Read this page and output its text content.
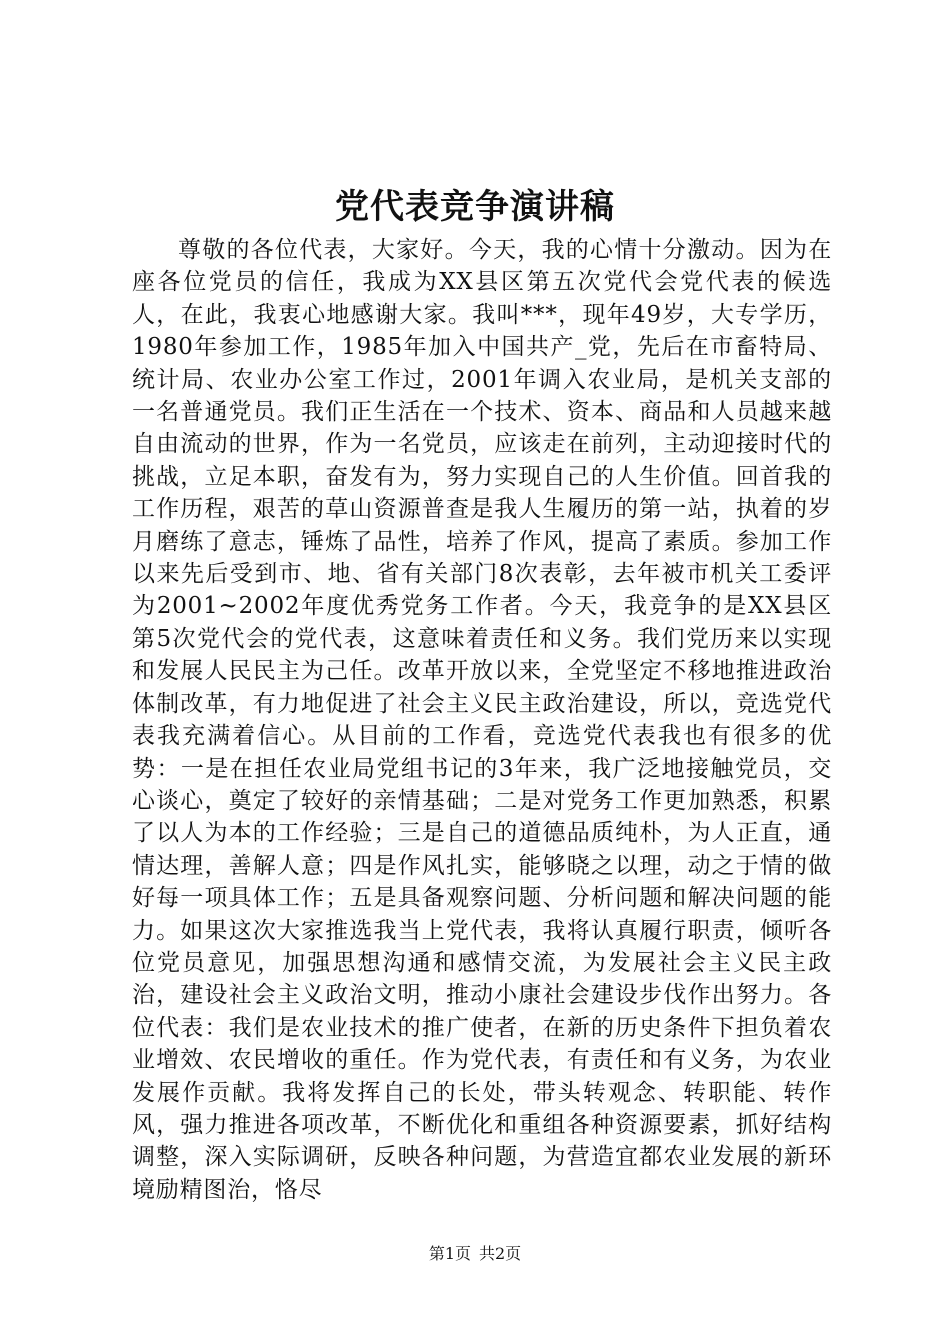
党代表竞争演讲稿

尊敬的各位代表，大家好。今天，我的心情十分激动。因为在座各位党员的信任，我成为XX县区第五次党代会党代表的候选人，在此，我衷心地感谢大家。我叫***，现年49岁，大专学历，1980年参加工作，1985年加入中国共产_党，先后在市畜特局、统计局、农业办公室工作过，2001年调入农业局，是机关支部的一名普通党员。我们正生活在一个技术、资本、商品和人员越来越自由流动的世界，作为一名党员，应该走在前列，主动迎接时代的挑战，立足本职，奋发有为，努力实现自己的人生价值。回首我的工作历程，艰苦的草山资源普查是我人生履历的第一站，执着的岁月磨练了意志，锤炼了品性，培养了作风，提高了素质。参加工作以来先后受到市、地、省有关部门8次表彰，去年被市机关工委评为2001~2002年度优秀党务工作者。今天，我竞争的是XX县区第5次党代会的党代表，这意味着责任和义务。我们党历来以实现和发展人民民主为己任。改革开放以来，全党坚定不移地推进政治体制改革，有力地促进了社会主义民主政治建设，所以，竞选党代表我充满着信心。从目前的工作看，竞选党代表我也有很多的优势：一是在担任农业局党组书记的3年来，我广泛地接触党员，交心谈心，奠定了较好的亲情基础；二是对党务工作更加熟悉，积累了以人为本的工作经验；三是自己的道德品质纯朴，为人正直，通情达理，善解人意；四是作风扎实，能够晓之以理，动之于情的做好每一项具体工作；五是具备观察问题、分析问题和解决问题的能力。如果这次大家推选我当上党代表，我将认真履行职责，倾听各位党员意见，加强思想沟通和感情交流，为发展社会主义民主政治，建设社会主义政治文明，推动小康社会建设步伐作出努力。各位代表：我们是农业技术的推广使者，在新的历史条件下担负着农业增效、农民增收的重任。作为党代表，有责任和有义务，为农业发展作贡献。我将发挥自己的长处，带头转观念、转职能、转作风，强力推进各项改革，不断优化和重组各种资源要素，抓好结构调整，深入实际调研，反映各种问题，为营造宜都农业发展的新环境励精图治，恪尽

第1页 共2页
